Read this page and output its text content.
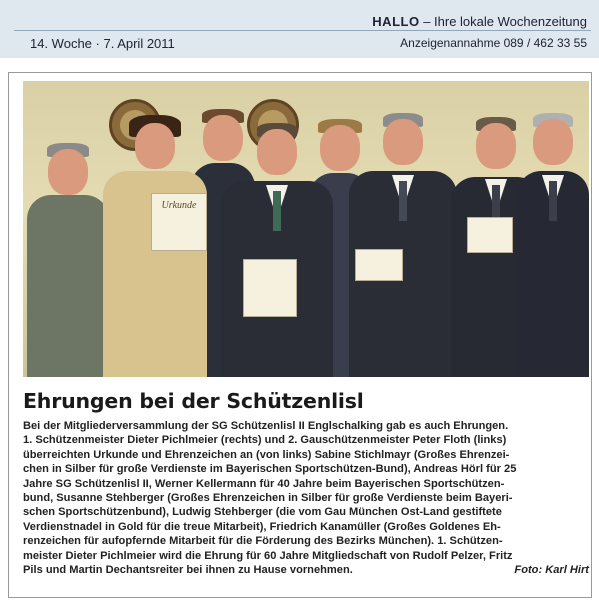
14. Woche · 7. April 2011
HALLO – Ihre lokale Wochenzeitung
Anzeigenannahme 089 / 462 33 55
Urkunde
Ehrungen bei der Schützenlisl

Bei der Mitgliederversammlung der SG Schützenlisl II Englschalking gab es auch Ehrungen.
1. Schützenmeister Dieter Pichlmeier (rechts) und 2. Gauschützenmeister Peter Floth (links)
überreichten Urkunde und Ehrenzeichen an (von links) Sabine Stichlmayr (Großes Ehrenzei-
chen in Silber für große Verdienste im Bayerischen Sportschützen-Bund), Andreas Hörl für 25
Jahre SG Schützenlisl II, Werner Kellermann für 40 Jahre beim Bayerischen Sportschützen-
bund, Susanne Stehberger (Großes Ehrenzeichen in Silber für große Verdienste beim Bayeri-
schen Sportschützenbund), Ludwig Stehberger (die vom Gau München Ost-Land gestiftete
Verdienstnadel in Gold für die treue Mitarbeit), Friedrich Kanamüller (Großes Goldenes Eh-
renzeichen für aufopfernde Mitarbeit für die Förderung des Bezirks München). 1. Schützen-
meister Dieter Pichlmeier wird die Ehrung für 60 Jahre Mitgliedschaft von Rudolf Pelzer, Fritz
Pils und Martin Dechantsreiter bei ihnen zu Hause vornehmen.	Foto: Karl Hirt
